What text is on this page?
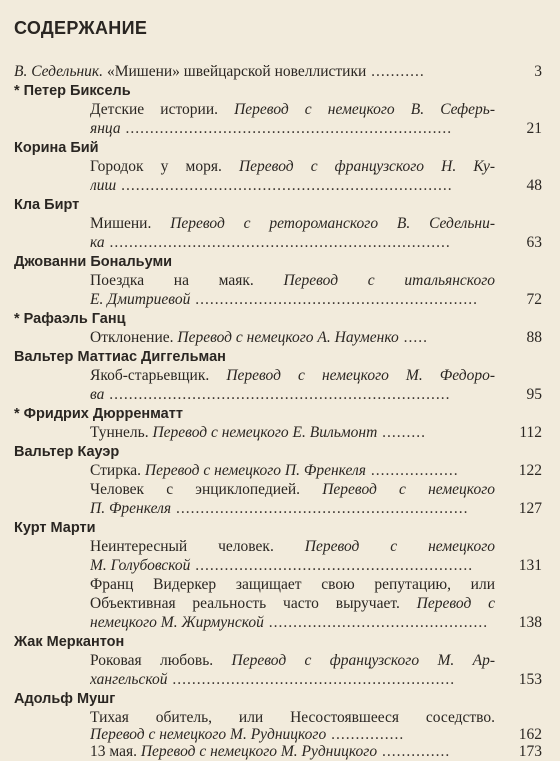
СОДЕРЖАНИЕ
В. Седельник. «Мишени» швейцарской новеллистики ...........	3
* Петер Биксель
Детские истории. Перевод с немецкого В. Сеферь-
янца ...................................................................	21
Корина Бий
Городок у моря. Перевод с французского Н. Ку-
лиш ....................................................................	48
Кла Бирт
Мишени. Перевод с ретороманского В. Седельни-
ка ......................................................................	63
Джованни Бональуми
Поездка на маяк. Перевод с итальянского
Е. Дмитриевой ..........................................................	72
* Рафаэль Ганц
Отклонение. Перевод с немецкого А. Науменко .....	88
Вальтер Маттиас Диггельман
Якоб-старьевщик. Перевод с немецкого М. Федоро-
ва ......................................................................	95
* Фридрих Дюрренматт
Туннель. Перевод с немецкого Е. Вильмонт .........	112
Вальтер Кауэр
Стирка. Перевод с немецкого П. Френкеля ..................	122
Человек с энциклопедией. Перевод с немецкого
П. Френкеля ............................................................	127
Курт Марти
Неинтересный человек. Перевод с немецкого
М. Голубовской .........................................................	131
Франц Видеркер защищает свою репутацию, или
Объективная реальность часто выручает. Перевод с
немецкого М. Жирмунской .............................................	138
Жак Меркантон
Роковая любовь. Перевод с французского М. Ар-
хангельской ..........................................................	153
Адольф Мушг
Тихая обитель, или Несостоявшееся соседство.
Перевод с немецкого М. Рудницкого ...............	162
13 мая. Перевод с немецкого М. Рудницкого ..............	173
